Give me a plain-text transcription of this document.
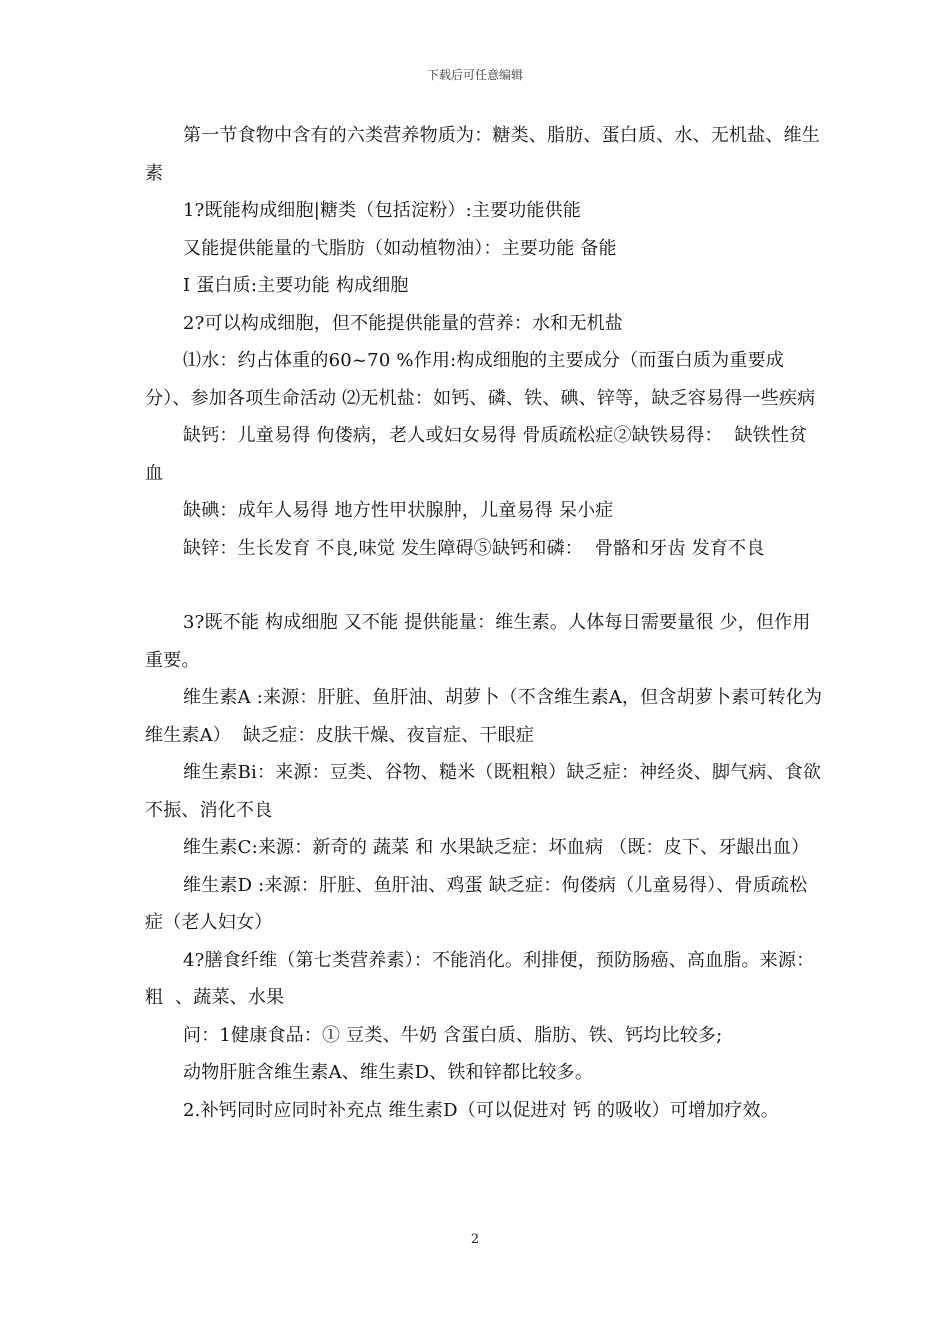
下载后可任意编辑

第一节食物中含有的六类营养物质为：糖类、脂肪、蛋白质、水、无机盐、维生素

1?既能构成细胞|糖类（包括淀粉）:主要功能供能

又能提供能量的弋脂肪（如动植物油）：主要功能 备能

I 蛋白质:主要功能 构成细胞

2?可以构成细胞，但不能提供能量的营养：水和无机盐

⑴水：约占体重的60~70 %作用:构成细胞的主要成分（而蛋白质为重要成分）、参加各项生命活动 ⑵无机盐：如钙、磷、铁、碘、锌等，缺乏容易得一些疾病

缺钙：儿童易得 佝偻病，老人或妇女易得 骨质疏松症②缺铁易得：  缺铁性贫血

缺碘：成年人易得 地方性甲状腺肿，儿童易得 呆小症

缺锌：生长发育 不良,味觉 发生障碍⑤缺钙和磷：  骨骼和牙齿 发育不良

3?既不能 构成细胞 又不能 提供能量：维生素。人体每日需要量很 少，但作用重要。

维生素A :来源：肝脏、鱼肝油、胡萝卜（不含维生素A，但含胡萝卜素可转化为维生素A）  缺乏症：皮肤干燥、夜盲症、干眼症

维生素Bi：来源：豆类、谷物、糙米（既粗粮）缺乏症：神经炎、脚气病、食欲不振、消化不良

维生素C:来源：新奇的 蔬菜 和 水果缺乏症：坏血病 （既：皮下、牙龈出血）

维生素D :来源：肝脏、鱼肝油、鸡蛋 缺乏症：佝偻病（儿童易得）、骨质疏松症（老人妇女）

4?膳食纤维（第七类营养素）：不能消化。利排便，预防肠癌、高血脂。来源：粗  、蔬菜、水果

问：1健康食品：① 豆类、牛奶 含蛋白质、脂肪、铁、钙均比较多;

动物肝脏含维生素A、维生素D、铁和锌都比较多。

2.补钙同时应同时补充点 维生素D（可以促进对 钙 的吸收）可增加疗效。

2
